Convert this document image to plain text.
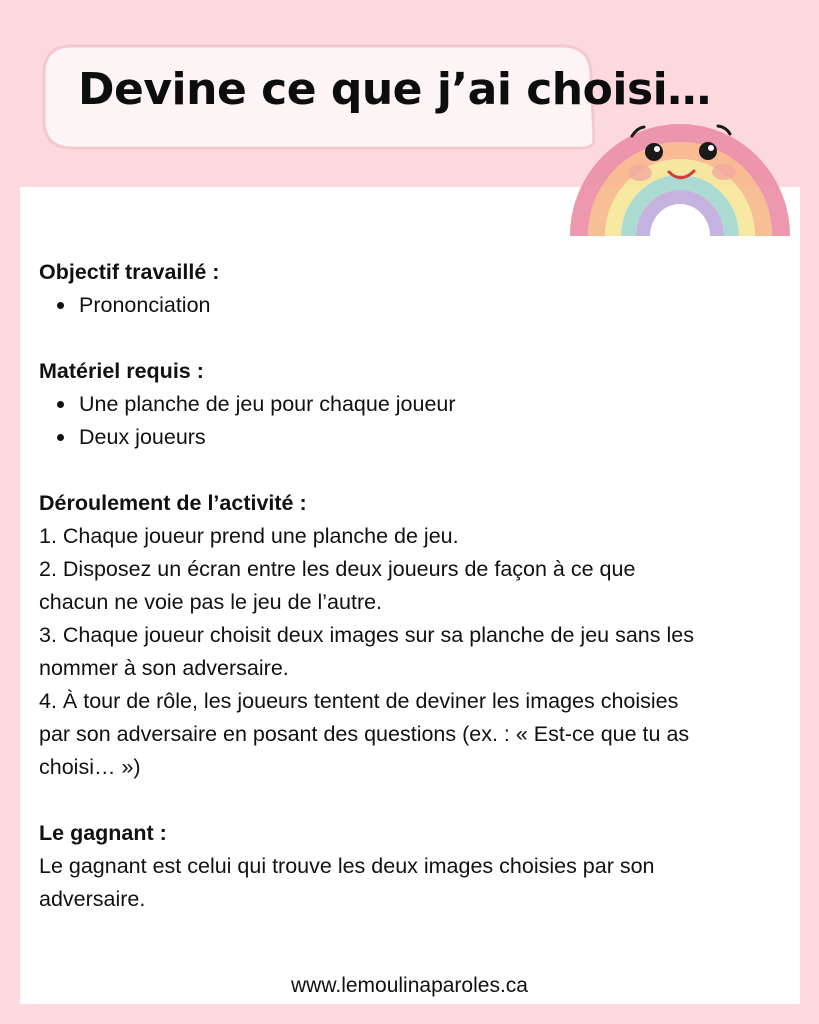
Devine ce que j’ai choisi…

Objectif travaillé :

Prononciation

Matériel requis :

Une planche de jeu pour chaque joueur
Deux joueurs

Déroulement de l’activité :

1. Chaque joueur prend une planche de jeu.

2. Disposez un écran entre les deux joueurs de façon à ce que

chacun ne voie pas le jeu de l’autre.

3. Chaque joueur choisit deux images sur sa planche de jeu sans les

nommer à son adversaire.

4. À tour de rôle, les joueurs tentent de deviner les images choisies

par son adversaire en posant des questions (ex. : « Est-ce que tu as

choisi… »)

Le gagnant :

Le gagnant est celui qui trouve les deux images choisies par son

adversaire.

www.lemoulinaparoles.ca
